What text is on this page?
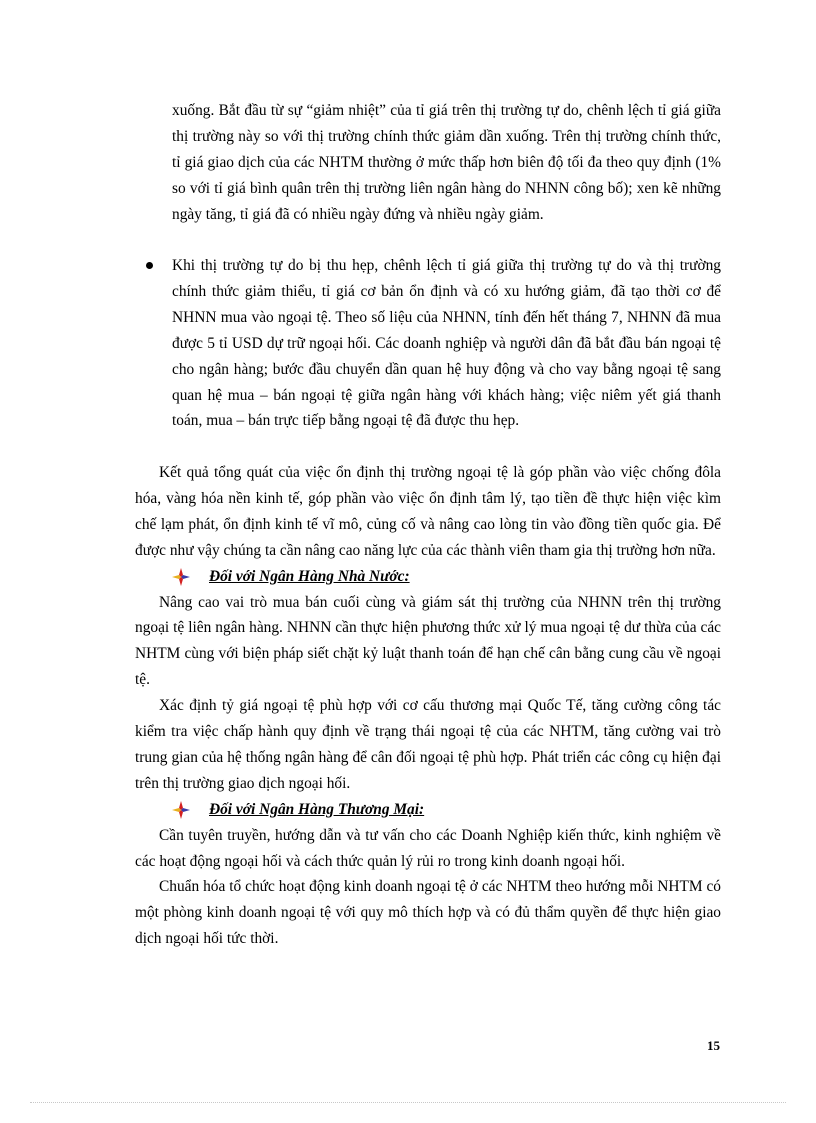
xuống. Bắt đầu từ sự “giảm nhiệt” của tỉ giá trên thị trường tự do, chênh lệch tỉ giá giữa thị trường này so với thị trường chính thức giảm dần xuống. Trên thị trường chính thức, tỉ giá giao dịch của các NHTM thường ở mức thấp hơn biên độ tối đa theo quy định (1% so với tỉ giá bình quân trên thị trường liên ngân hàng do NHNN công bố); xen kẽ những ngày tăng, tỉ giá đã có nhiều ngày đứng và nhiều ngày giảm.

Khi thị trường tự do bị thu hẹp, chênh lệch tỉ giá giữa thị trường tự do và thị trường chính thức giảm thiểu, tỉ giá cơ bản ổn định và có xu hướng giảm, đã tạo thời cơ để NHNN mua vào ngoại tệ. Theo số liệu của NHNN, tính đến hết tháng 7, NHNN đã mua được 5 tỉ USD dự trữ ngoại hối. Các doanh nghiệp và người dân đã bắt đầu bán ngoại tệ cho ngân hàng; bước đầu chuyển dần quan hệ huy động và cho vay bằng ngoại tệ sang quan hệ mua – bán ngoại tệ giữa ngân hàng với khách hàng; việc niêm yết giá thanh toán, mua – bán trực tiếp bằng ngoại tệ đã được thu hẹp.

Kết quả tổng quát của việc ổn định thị trường ngoại tệ là góp phần vào việc chống đôla hóa, vàng hóa nền kinh tế, góp phần vào việc ổn định tâm lý, tạo tiền đề thực hiện việc kìm chế lạm phát, ổn định kinh tế vĩ mô, củng cố và nâng cao lòng tin vào đồng tiền quốc gia. Để được như vậy chúng ta cần nâng cao năng lực của các thành viên tham gia thị trường hơn nữa.

Đối với Ngân Hàng Nhà Nước:

Nâng cao vai trò mua bán cuối cùng và giám sát thị trường của NHNN trên thị trường ngoại tệ liên ngân hàng. NHNN cần thực hiện phương thức xử lý mua ngoại tệ dư thừa của các NHTM cùng với biện pháp siết chặt kỷ luật thanh toán để hạn chế cân bằng cung cầu về ngoại tệ.

Xác định tỷ giá ngoại tệ phù hợp với cơ cấu thương mại Quốc Tế, tăng cường công tác kiểm tra việc chấp hành quy định về trạng thái ngoại tệ của các NHTM, tăng cường vai trò trung gian của hệ thống ngân hàng để cân đối ngoại tệ phù hợp. Phát triển các công cụ hiện đại trên thị trường giao dịch ngoại hối.

Đối với Ngân Hàng Thương Mại:

Cần tuyên truyền, hướng dẫn và tư vấn cho các Doanh Nghiệp kiến thức, kinh nghiệm về các hoạt động ngoại hối và cách thức quản lý rủi ro trong kinh doanh ngoại hối.

Chuẩn hóa tổ chức hoạt động kinh doanh ngoại tệ ở các NHTM theo hướng mỗi NHTM có một phòng kinh doanh ngoại tệ với quy mô thích hợp và có đủ thẩm quyền để thực hiện giao dịch ngoại hối tức thời.

15
